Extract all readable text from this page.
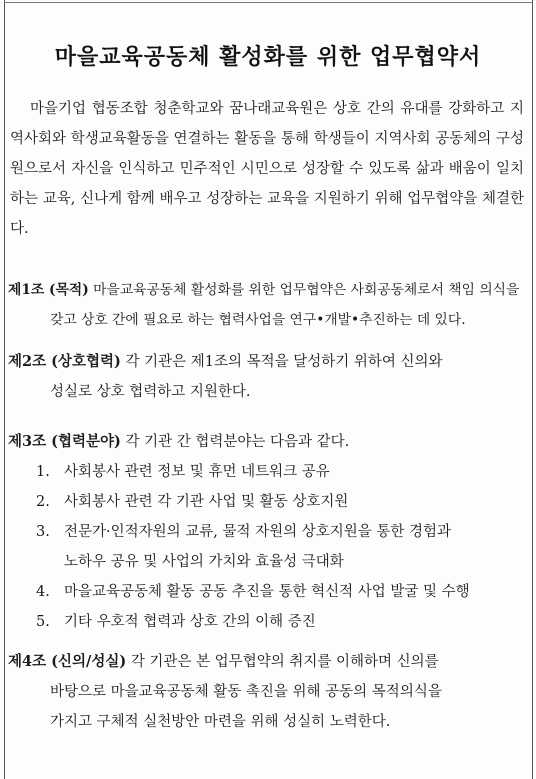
마을교육공동체 활성화를 위한 업무협약서
마을기업 협동조합 청춘학교와 꿈나래교육원은 상호 간의 유대를 강화하고 지역사회와 학생교육활동을 연결하는 활동을 통해 학생들이 지역사회 공동체의 구성원으로서 자신을 인식하고 민주적인 시민으로 성장할 수 있도록 삶과 배움이 일치하는 교육, 신나게 함께 배우고 성장하는 교육을 지원하기 위해 업무협약을 체결한다.
제1조 (목적) 마을교육공동체 활성화를 위한 업무협약은 사회공동체로서 책임 의식을
갖고 상호 간에 필요로 하는 협력사업을 연구•개발•추진하는 데 있다.
제2조 (상호협력) 각 기관은 제1조의 목적을 달성하기 위하여 신의와
성실로 상호 협력하고 지원한다.
제3조 (협력분야) 각 기관 간 협력분야는 다음과 같다.
1. 사회봉사 관련 정보 및 휴먼 네트워크 공유
2. 사회봉사 관련 각 기관 사업 및 활동 상호지원
3. 전문가·인적자원의 교류, 물적 자원의 상호지원을 통한 경험과
노하우 공유 및 사업의 가치와 효율성 극대화
4. 마을교육공동체 활동 공동 추진을 통한 혁신적 사업 발굴 및 수행
5. 기타 우호적 협력과 상호 간의 이해 증진
제4조 (신의/성실) 각 기관은 본 업무협약의 취지를 이해하며 신의를
바탕으로 마을교육공동체 활동 촉진을 위해 공동의 목적의식을
가지고 구체적 실천방안 마련을 위해 성실히 노력한다.
